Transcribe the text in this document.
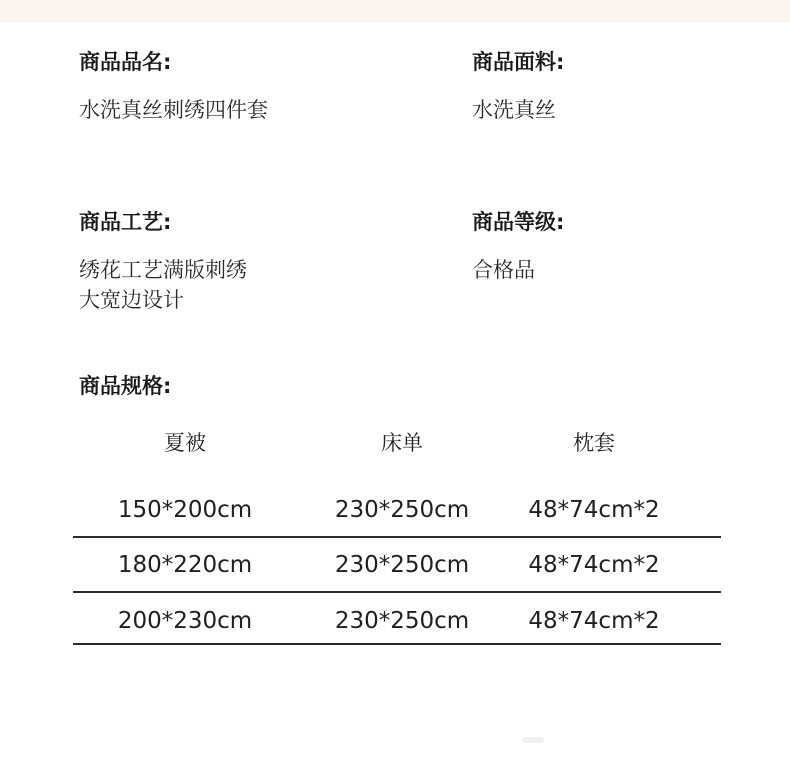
商品品名:
水洗真丝刺绣四件套
商品面料:
水洗真丝
商品工艺:
绣花工艺满版刺绣
大宽边设计
商品等级:
合格品
商品规格:
夏被	床单	枕套
150*200cm	230*250cm	48*74cm*2
180*220cm	230*250cm	48*74cm*2
200*230cm	230*250cm	48*74cm*2
